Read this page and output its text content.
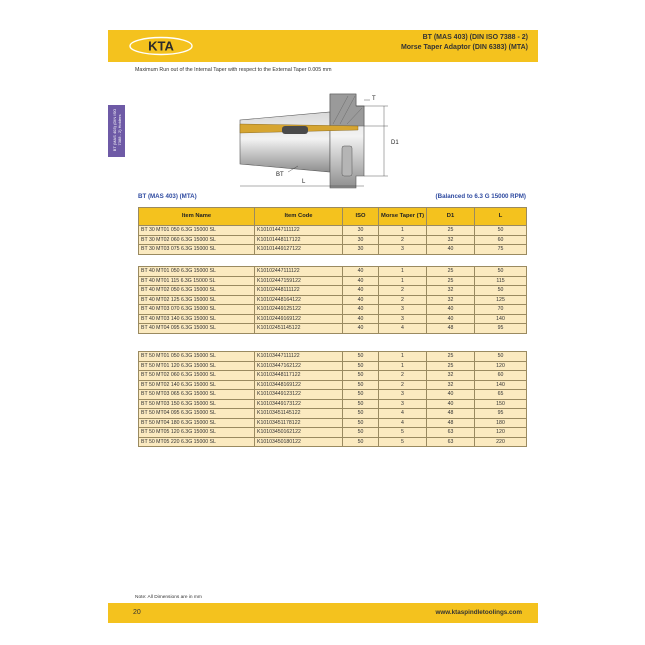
KTA
BT (MAS 403) (DIN ISO 7388 - 2)
Morse Taper Adaptor (DIN 6383) (MTA)
Maximum Run out of the Internal Taper with respect to the External Taper 0.005 mm
BT (MAS 403) (DIN ISO 7388 - 2) Holders
T
D1
BT
L
BT (MAS 403) (MTA)	(Balanced to 6.3 G 15000 RPM)
Item Name	Item Code	ISO	Morse Taper (T)	D1	L
BT 30 MT01 050 6.3G 15000 SL	K10101447111122	30	1	25	50
BT 30 MT02 060 6.3G 15000 SL	K10101448117122	30	2	32	60
BT 30 MT03 075 6.3G 15000 SL	K10101449127122	30	3	40	75
BT 40 MT01 050 6.3G 15000 SL	K10102447111122	40	1	25	50
BT 40 MT01 115 6.3G 15000 SL	K10102447159122	40	1	25	115
BT 40 MT02 050 6.3G 15000 SL	K10102448111122	40	2	32	50
BT 40 MT02 125 6.3G 15000 SL	K10102448164122	40	2	32	125
BT 40 MT03 070 6.3G 15000 SL	K10102449125122	40	3	40	70
BT 40 MT03 140 6.3G 15000 SL	K10102449169122	40	3	40	140
BT 40 MT04 095 6.3G 15000 SL	K10102451145122	40	4	48	95
BT 50 MT01 050 6.3G 15000 SL	K10103447111122	50	1	25	50
BT 50 MT01 120 6.3G 15000 SL	K10103447162122	50	1	25	120
BT 50 MT02 060 6.3G 15000 SL	K10103448117122	50	2	32	60
BT 50 MT02 140 6.3G 15000 SL	K10103448169122	50	2	32	140
BT 50 MT03 065 6.3G 15000 SL	K10103449123122	50	3	40	65
BT 50 MT03 150 6.3G 15000 SL	K10103449173122	50	3	40	150
BT 50 MT04 095 6.3G 15000 SL	K10103451145122	50	4	48	95
BT 50 MT04 180 6.3G 15000 SL	K10103451178122	50	4	48	180
BT 50 MT05 120 6.3G 15000 SL	K10103450162122	50	5	63	120
BT 50 MT05 220 6.3G 15000 SL	K10103450180122	50	5	63	220
Note: All Dimensions are in mm
20	www.ktaspindletoolings.com
